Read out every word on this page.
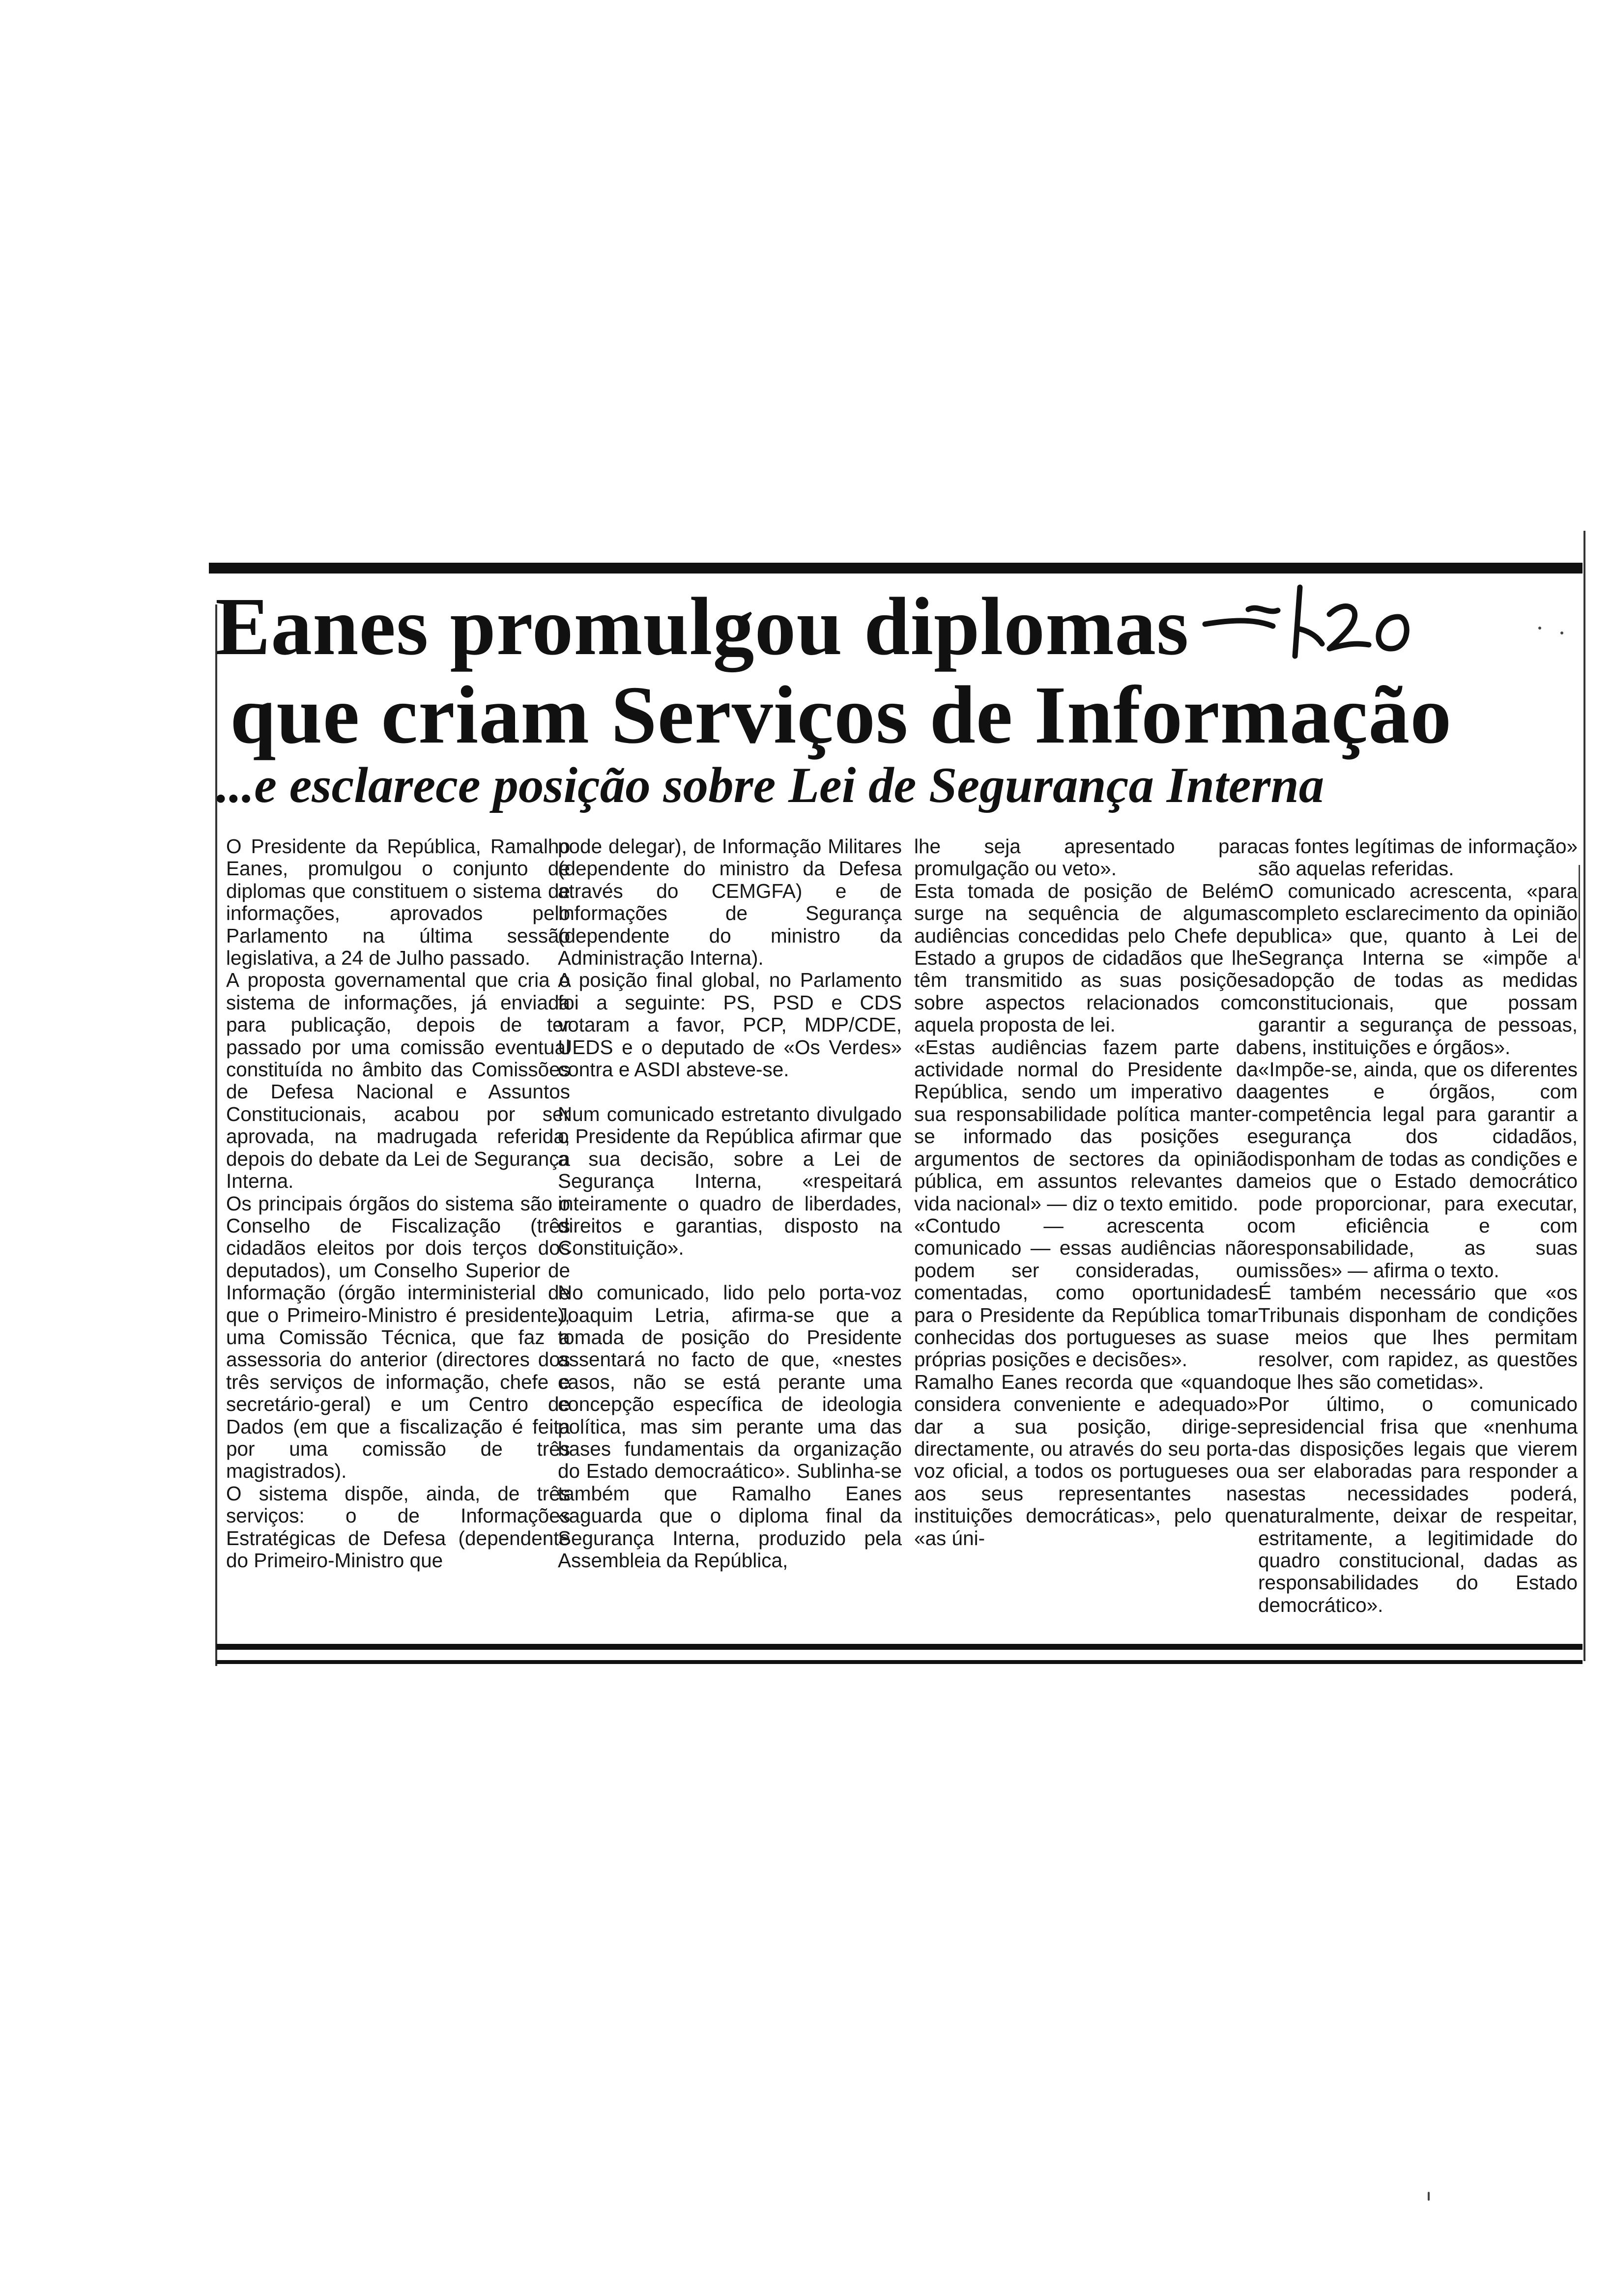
Eanes promulgou diplomas
que criam Serviços de Informação
...e esclarece posição sobre Lei de Segurança Interna
O Presidente da República, Ramalho Eanes, promulgou o conjunto de diplomas que constituem o sistema de informações, aprovados pelo Parlamento na última sessão legislativa, a 24 de Julho passado.
A proposta governamental que cria o sistema de informações, já enviada para publicação, depois de ter passado por uma comissão eventual constituída no âmbito das Comissões de Defesa Nacional e Assuntos Constitucionais, acabou por ser aprovada, na madrugada referida, depois do debate da Lei de Segurança Interna.
Os principais órgãos do sistema são o Conselho de Fiscalização (três cidadãos eleitos por dois terços dos deputados), um Conselho Superior de Informação (órgão interministerial de que o Primeiro-Ministro é presidente), uma Comissão Técnica, que faz a assessoria do anterior (directores dos três serviços de informação, chefe e secretário-geral) e um Centro de Dados (em que a fiscalização é feita por uma comissão de três magistrados).
O sistema dispõe, ainda, de três serviços: o de Informações Estratégicas de Defesa (dependente do Primeiro-Ministro que
pode delegar), de Informação Militares (dependente do ministro da Defesa através do CEMGFA) e de Informações de Segurança (dependente do ministro da Administração Interna).
A posição final global, no Parlamento foi a seguinte: PS, PSD e CDS votaram a favor, PCP, MDP/CDE, UEDS e o deputado de «Os Verdes» contra e ASDI absteve-se.

Num comunicado estretanto divulgado o Presidente da República afirmar que a sua decisão, sobre a Lei de Segurança Interna, «respeitará inteiramente o quadro de liberdades, direitos e garantias, disposto na Constituição».

No comunicado, lido pelo porta-voz Joaquim Letria, afirma-se que a tomada de posição do Presidente assentará no facto de que, «nestes casos, não se está perante uma concepção específica de ideologia política, mas sim perante uma das bases fundamentais da organização do Estado democraático». Sublinha-se também que Ramalho Eanes «aguarda que o diploma final da Segurança Interna, produzido pela Assembleia da República,
lhe seja apresentado para promulgação ou veto».
Esta tomada de posição de Belém surge na sequência de algumas audiências concedidas pelo Chefe de Estado a grupos de cidadãos que lhe têm transmitido as suas posições sobre aspectos relacionados com aquela proposta de lei.
«Estas audiências fazem parte da actividade normal do Presidente da República, sendo um imperativo da sua responsabilidade política manter-se informado das posições e argumentos de sectores da opinião pública, em assuntos relevantes da vida nacional» — diz o texto emitido.
«Contudo — acrescenta o comunicado — essas audiências não podem ser consideradas, ou comentadas, como oportunidades para o Presidente da República tomar conhecidas dos portugueses as suas próprias posições e decisões».
Ramalho Eanes recorda que «quando considera conveniente e adequado» dar a sua posição, dirige-se directamente, ou através do seu porta-voz oficial, a todos os portugueses ou aos seus representantes nas instituições democráticas», pelo que «as úni-
cas fontes legítimas de informação» são aquelas referidas.
O comunicado acrescenta, «para completo esclarecimento da opinião publica» que, quanto à Lei de Segrança Interna se «impõe a adopção de todas as medidas constitucionais, que possam garantir a segurança de pessoas, bens, instituições e órgãos».
«Impõe-se, ainda, que os diferentes agentes e órgãos, com competência legal para garantir a segurança dos cidadãos, disponham de todas as condições e meios que o Estado democrático pode proporcionar, para executar, com eficiência e com responsabilidade, as suas missões» — afirma o texto.
É também necessário que «os Tribunais disponham de condições e meios que lhes permitam resolver, com rapidez, as questões que lhes são cometidas».
Por último, o comunicado presidencial frisa que «nenhuma das disposições legais que vierem a ser elaboradas para responder a estas necessidades poderá, naturalmente, deixar de respeitar, estritamente, a legitimidade do quadro constitucional, dadas as responsabilidades do Estado democrático».
